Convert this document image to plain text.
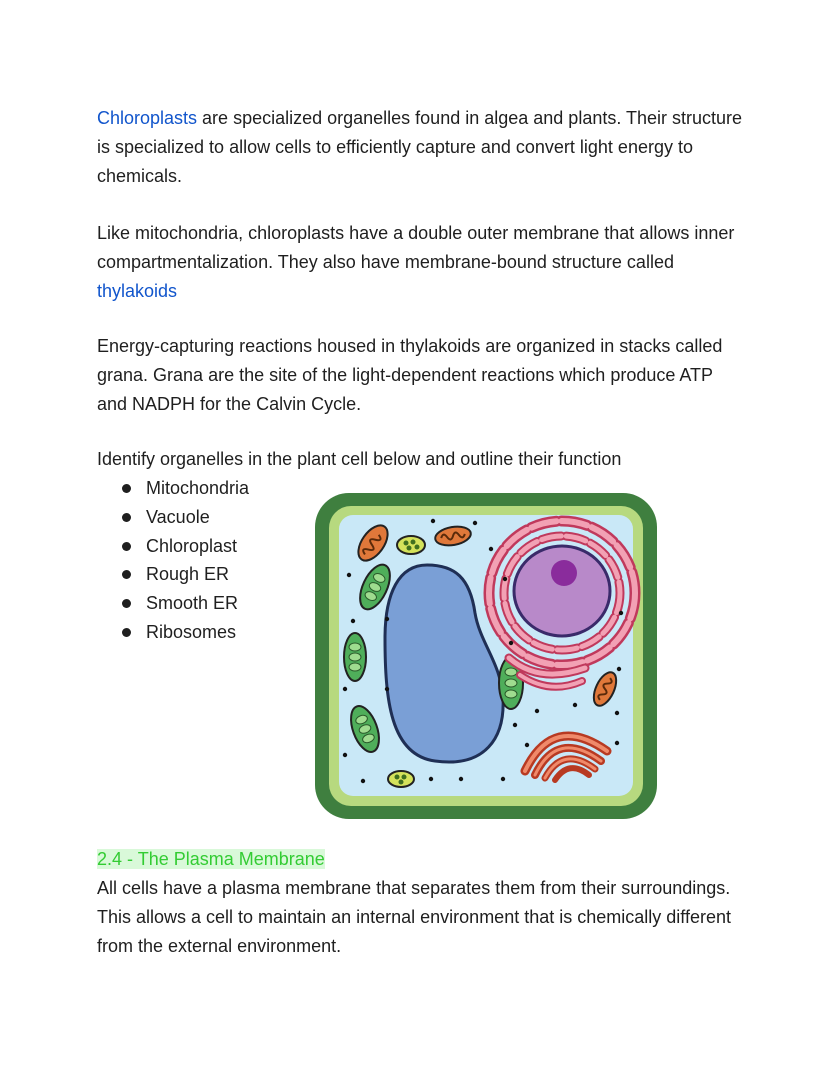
Chloroplasts are specialized organelles found in algea and plants. Their structure is specialized to allow cells to efficiently capture and convert light energy to chemicals.

Like mitochondria, chloroplasts have a double outer membrane that allows inner compartmentalization. They also have membrane-bound structure called thylakoids

Energy-capturing reactions housed in thylakoids are organized in stacks called grana. Grana are the site of the light-dependent reactions which produce ATP and NADPH for the Calvin Cycle.

Identify organelles in the plant cell below and outline their function

Mitochondria
Vacuole
Chloroplast
Rough ER
Smooth ER
Ribosomes

2.4 - The Plasma Membrane

All cells have a plasma membrane that separates them from their surroundings. This allows a cell to maintain an internal environment that is chemically different from the external environment.
